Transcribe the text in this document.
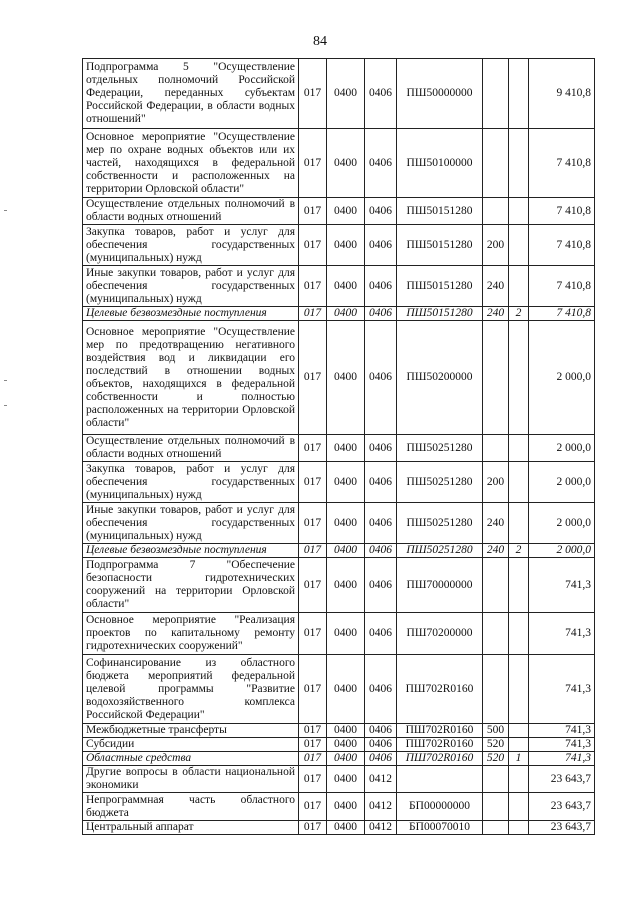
84
Подпрограмма 5 "Осуществление отдельных полномочий Российской Федерации, переданных субъектам Российской Федерации, в области водных отношений"	017	0400	0406	ПШ50000000			9 410,8
Основное мероприятие "Осуществление мер по охране водных объектов или их частей, находящихся в федеральной собственности и расположенных на территории Орловской области"	017	0400	0406	ПШ50100000			7 410,8
Осуществление отдельных полномочий в области водных отношений	017	0400	0406	ПШ50151280			7 410,8
Закупка товаров, работ и услуг для обеспечения государственных (муниципальных) нужд	017	0400	0406	ПШ50151280	200		7 410,8
Иные закупки товаров, работ и услуг для обеспечения государственных (муниципальных) нужд	017	0400	0406	ПШ50151280	240		7 410,8
Целевые безвозмездные поступления	017	0400	0406	ПШ50151280	240	2	7 410,8
Основное мероприятие "Осуществление мер по предотвращению негативного воздействия вод и ликвидации его последствий в отношении водных объектов, находящихся в федеральной собственности и полностью расположенных на территории Орловской области"	017	0400	0406	ПШ50200000			2 000,0
Осуществление отдельных полномочий в области водных отношений	017	0400	0406	ПШ50251280			2 000,0
Закупка товаров, работ и услуг для обеспечения государственных (муниципальных) нужд	017	0400	0406	ПШ50251280	200		2 000,0
Иные закупки товаров, работ и услуг для обеспечения государственных (муниципальных) нужд	017	0400	0406	ПШ50251280	240		2 000,0
Целевые безвозмездные поступления	017	0400	0406	ПШ50251280	240	2	2 000,0
Подпрограмма 7 "Обеспечение безопасности гидротехнических сооружений на территории Орловской области"	017	0400	0406	ПШ70000000			741,3
Основное мероприятие "Реализация проектов по капитальному ремонту гидротехнических сооружений"	017	0400	0406	ПШ70200000			741,3
Софинансирование из областного бюджета мероприятий федеральной целевой программы "Развитие водохозяйственного комплекса Российской Федерации"	017	0400	0406	ПШ702R0160			741,3
Межбюджетные трансферты	017	0400	0406	ПШ702R0160	500		741,3
Субсидии	017	0400	0406	ПШ702R0160	520		741,3
Областные средства	017	0400	0406	ПШ702R0160	520	1	741,3
Другие вопросы в области национальной экономики	017	0400	0412				23 643,7
Непрограммная часть областного бюджета	017	0400	0412	БП00000000			23 643,7
Центральный аппарат	017	0400	0412	БП00070010			23 643,7
